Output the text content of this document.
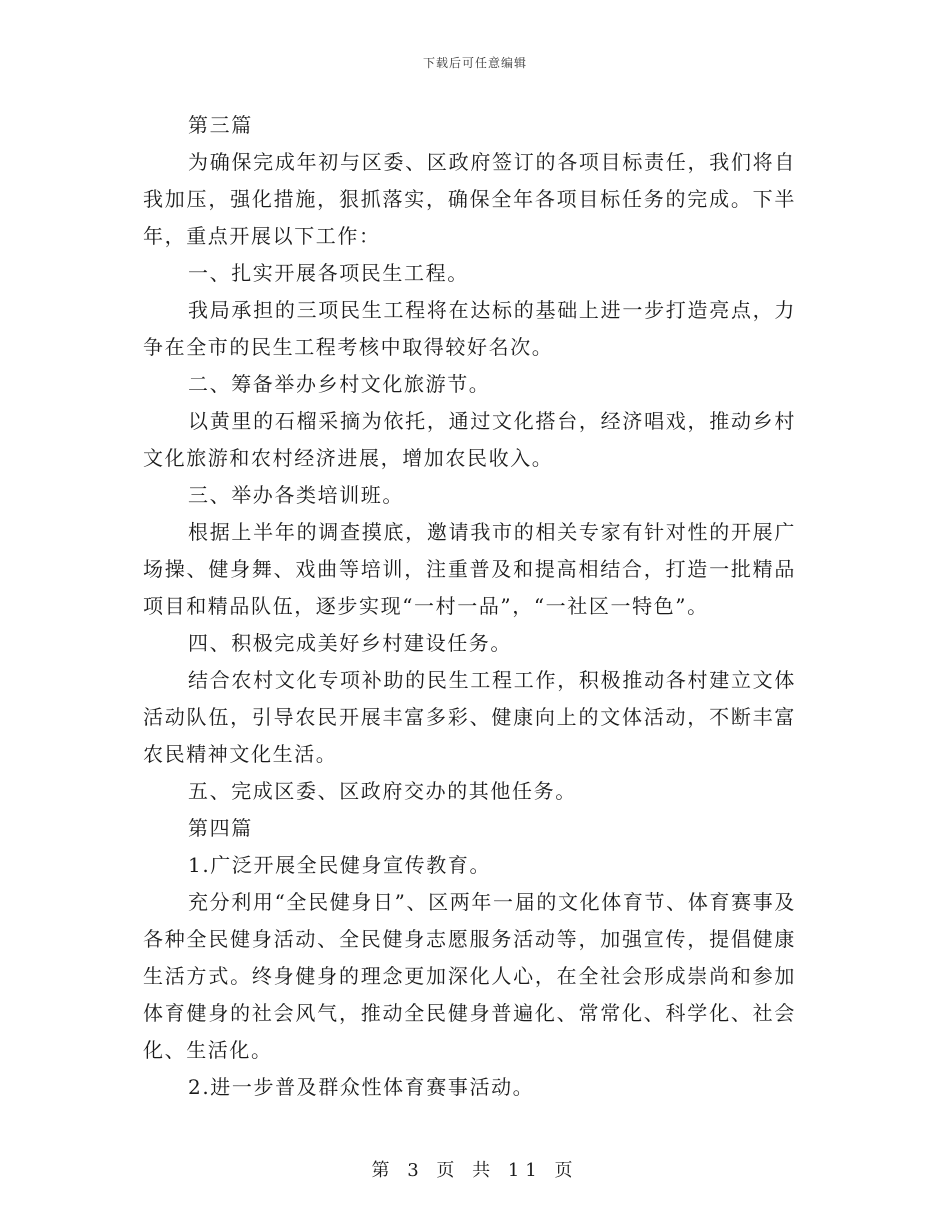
下载后可任意编辑

第三篇

为确保完成年初与区委、区政府签订的各项目标责任，我们将自我加压，强化措施，狠抓落实，确保全年各项目标任务的完成。下半年，重点开展以下工作：

一、扎实开展各项民生工程。

我局承担的三项民生工程将在达标的基础上进一步打造亮点，力争在全市的民生工程考核中取得较好名次。

二、筹备举办乡村文化旅游节。

以黄里的石榴采摘为依托，通过文化搭台，经济唱戏，推动乡村文化旅游和农村经济进展，增加农民收入。

三、举办各类培训班。

根据上半年的调查摸底，邀请我市的相关专家有针对性的开展广场操、健身舞、戏曲等培训，注重普及和提高相结合，打造一批精品项目和精品队伍，逐步实现“一村一品”，“一社区一特色”。

四、积极完成美好乡村建设任务。

结合农村文化专项补助的民生工程工作，积极推动各村建立文体活动队伍，引导农民开展丰富多彩、健康向上的文体活动，不断丰富农民精神文化生活。

五、完成区委、区政府交办的其他任务。

第四篇

1.广泛开展全民健身宣传教育。

充分利用“全民健身日”、区两年一届的文化体育节、体育赛事及各种全民健身活动、全民健身志愿服务活动等，加强宣传，提倡健康生活方式。终身健身的理念更加深化人心，在全社会形成崇尚和参加体育健身的社会风气，推动全民健身普遍化、常常化、科学化、社会化、生活化。

2.进一步普及群众性体育赛事活动。

第 3 页 共 11 页
